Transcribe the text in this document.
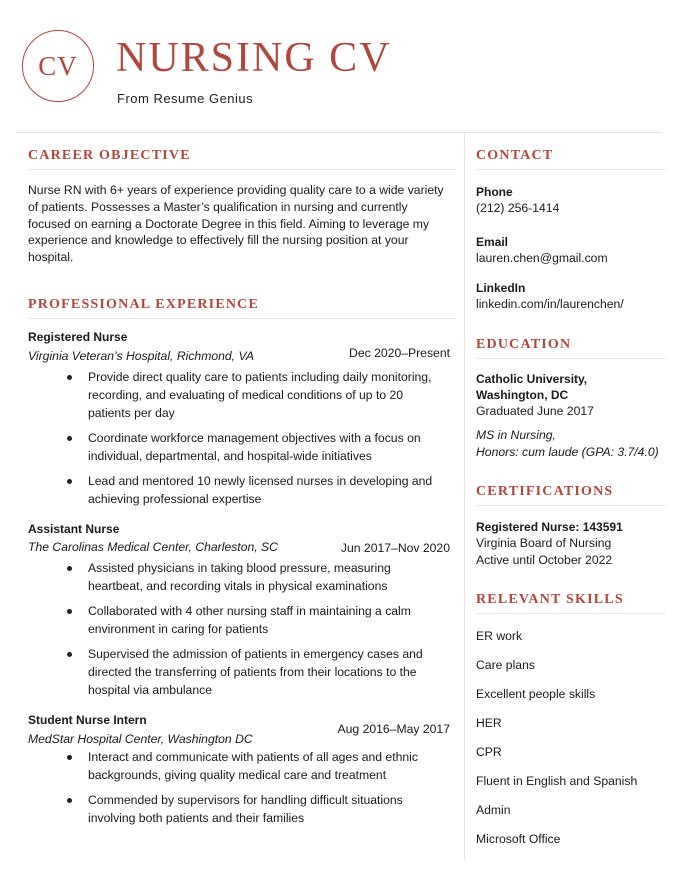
CV NURSING CV
From Resume Genius
CAREER OBJECTIVE

Nurse RN with 6+ years of experience providing quality care to a wide variety of patients. Possesses a Master’s qualification in nursing and currently focused on earning a Doctorate Degree in this field. Aiming to leverage my experience and knowledge to effectively fill the nursing position at your hospital.

PROFESSIONAL EXPERIENCE
Registered Nurse
Dec 2020–Present
Virginia Veteran’s Hospital, Richmond, VA
Provide direct quality care to patients including daily monitoring, recording, and evaluating of medical conditions of up to 20 patients per day
Coordinate workforce management objectives with a focus on individual, departmental, and hospital-wide initiatives
Lead and mentored 10 newly licensed nurses in developing and achieving professional expertise
Assistant Nurse
Jun 2017–Nov 2020
The Carolinas Medical Center, Charleston, SC
Assisted physicians in taking blood pressure, measuring heartbeat, and recording vitals in physical examinations
Collaborated with 4 other nursing staff in maintaining a calm environment in caring for patients
Supervised the admission of patients in emergency cases and directed the transferring of patients from their locations to the hospital via ambulance
Student Nurse Intern
Aug 2016–May 2017
MedStar Hospital Center, Washington DC
Interact and communicate with patients of all ages and ethnic backgrounds, giving quality medical care and treatment
Commended by supervisors for handling difficult situations involving both patients and their families
CONTACT
Phone
(212) 256-1414
Email
lauren.chen@gmail.com
LinkedIn
linkedin.com/in/laurenchen/
EDUCATION
Catholic University, Washington, DC
Graduated June 2017
MS in Nursing,
Honors: cum laude (GPA: 3.7/4.0)
CERTIFICATIONS
Registered Nurse: 143591
Virginia Board of Nursing
Active until October 2022
RELEVANT SKILLS
ER work
Care plans
Excellent people skills
HER
CPR
Fluent in English and Spanish
Admin
Microsoft Office
